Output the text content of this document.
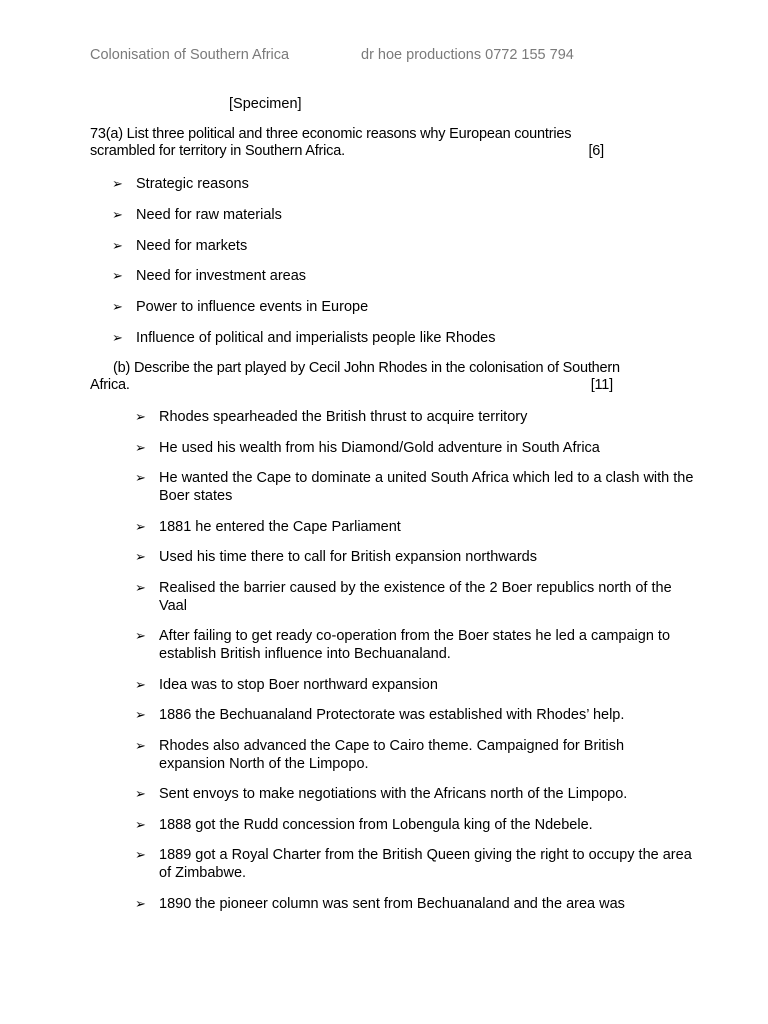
Colonisation of Southern Africa	dr hoe productions 0772 155 794
[Specimen]
73(a) List three political and three economic reasons why European countries
scrambled for territory in Southern Africa.	[6]
➢ Strategic reasons
➢ Need for raw materials
➢ Need for markets
➢ Need for investment areas
➢ Power to influence events in Europe
➢ Influence of political and imperialists people like Rhodes
(b) Describe the part played by Cecil John Rhodes in the colonisation of Southern
Africa.	[11]
➢ Rhodes spearheaded the British thrust to acquire territory
➢ He used his wealth from his Diamond/Gold adventure in South Africa
➢ He wanted the Cape to dominate a united South Africa which led to a clash with the Boer states
➢ 1881 he entered the Cape Parliament
➢ Used his time there to call for British expansion northwards
➢ Realised the barrier caused by the existence of the 2 Boer republics north of the Vaal
➢ After failing to get ready co-operation from the Boer states he led a campaign to establish British influence into Bechuanaland.
➢ Idea was to stop Boer northward expansion
➢ 1886 the Bechuanaland Protectorate was established with Rhodes’ help.
➢ Rhodes also advanced the Cape to Cairo theme. Campaigned for British expansion North of the Limpopo.
➢ Sent envoys to make negotiations with the Africans north of the Limpopo.
➢ 1888 got the Rudd concession from Lobengula king of the Ndebele.
➢ 1889 got a Royal Charter from the British Queen giving the right to occupy the area of Zimbabwe.
➢ 1890 the pioneer column was sent from Bechuanaland and the area was
